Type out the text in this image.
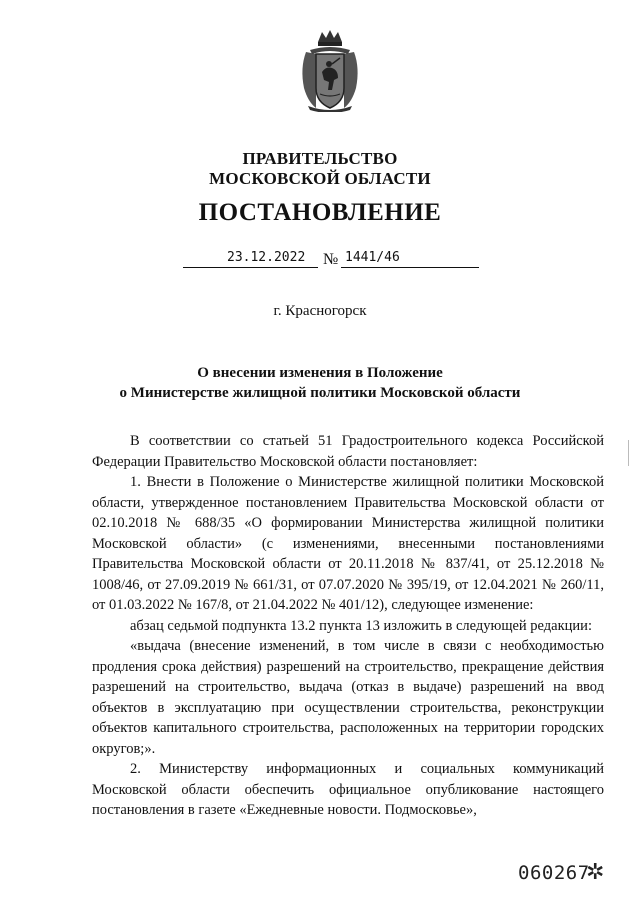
ПРАВИТЕЛЬСТВО
МОСКОВСКОЙ ОБЛАСТИ
ПОСТАНОВЛЕНИЕ
23.12.2022 № 1441/46
г. Красногорск
О внесении изменения в Положение
о Министерстве жилищной политики Московской области

В соответствии со статьей 51 Градостроительного кодекса Российской Федерации Правительство Московской области постановляет:

1. Внести в Положение о Министерстве жилищной политики Московской области, утвержденное постановлением Правительства Московской области от 02.10.2018 № 688/35 «О формировании Министерства жилищной политики Московской области» (с изменениями, внесенными постановлениями Правительства Московской области от 20.11.2018 № 837/41, от 25.12.2018 № 1008/46, от 27.09.2019 № 661/31, от 07.07.2020 № 395/19, от 12.04.2021 № 260/11, от 01.03.2022 № 167/8, от 21.04.2022 № 401/12), следующее изменение:

абзац седьмой подпункта 13.2 пункта 13 изложить в следующей редакции:

«выдача (внесение изменений, в том числе в связи с необходимостью продления срока действия) разрешений на строительство, прекращение действия разрешений на строительство, выдача (отказ в выдаче) разрешений на ввод объектов в эксплуатацию при осуществлении строительства, реконструкции объектов капитального строительства, расположенных на территории городских округов;».

2. Министерству информационных и социальных коммуникаций Московской области обеспечить официальное опубликование настоящего постановления в газете «Ежедневные новости. Подмосковье»,

060267
✲
